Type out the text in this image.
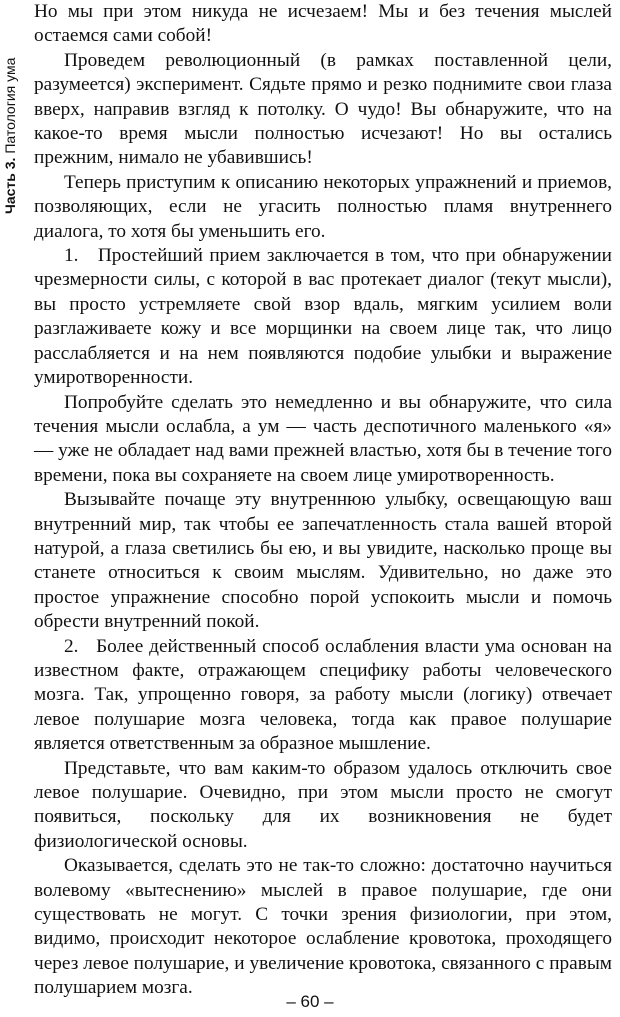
Часть 3. Патология ума

Но мы при этом никуда не исчезаем! Мы и без течения мыслей остаемся сами собой!

Проведем революционный (в рамках поставленной цели, разумеется) эксперимент. Сядьте прямо и резко поднимите свои глаза вверх, направив взгляд к потолку. О чудо! Вы обнаружите, что на какое-то время мысли полностью исчезают! Но вы остались прежним, нимало не убавившись!

Теперь приступим к описанию некоторых упражнений и приемов, позволяющих, если не угасить полностью пламя внутреннего диалога, то хотя бы уменьшить его.

1.   Простейший прием заключается в том, что при обнаружении чрезмерности силы, с которой в вас протекает диалог (текут мысли), вы просто устремляете свой взор вдаль, мягким усилием воли разглаживаете кожу и все морщинки на своем лице так, что лицо расслабляется и на нем появляются подобие улыбки и выражение умиротворенности.

Попробуйте сделать это немедленно и вы обнаружите, что сила течения мысли ослабла, а ум — часть деспотичного маленького «я» — уже не обладает над вами прежней властью, хотя бы в течение того времени, пока вы сохраняете на своем лице умиротворенность.

Вызывайте почаще эту внутреннюю улыбку, освещающую ваш внутренний мир, так чтобы ее запечатленность стала вашей второй натурой, а глаза светились бы ею, и вы увидите, насколько проще вы станете относиться к своим мыслям. Удивительно, но даже это простое упражнение способно порой успокоить мысли и помочь обрести внутренний покой.

2.   Более действенный способ ослабления власти ума основан на известном факте, отражающем специфику работы человеческого мозга. Так, упрощенно говоря, за работу мысли (логику) отвечает левое полушарие мозга человека, тогда как правое полушарие является ответственным за образное мышление.

Представьте, что вам каким-то образом удалось отключить свое левое полушарие. Очевидно, при этом мысли просто не смогут появиться, поскольку для их возникновения не будет физиологической основы.

Оказывается, сделать это не так-то сложно: достаточно научиться волевому «вытеснению» мыслей в правое полушарие, где они существовать не могут. С точки зрения физиологии, при этом, видимо, происходит некоторое ослабление кровотока, проходящего через левое полушарие, и увеличение кровотока, связанного с правым полушарием мозга.

– 60 –
